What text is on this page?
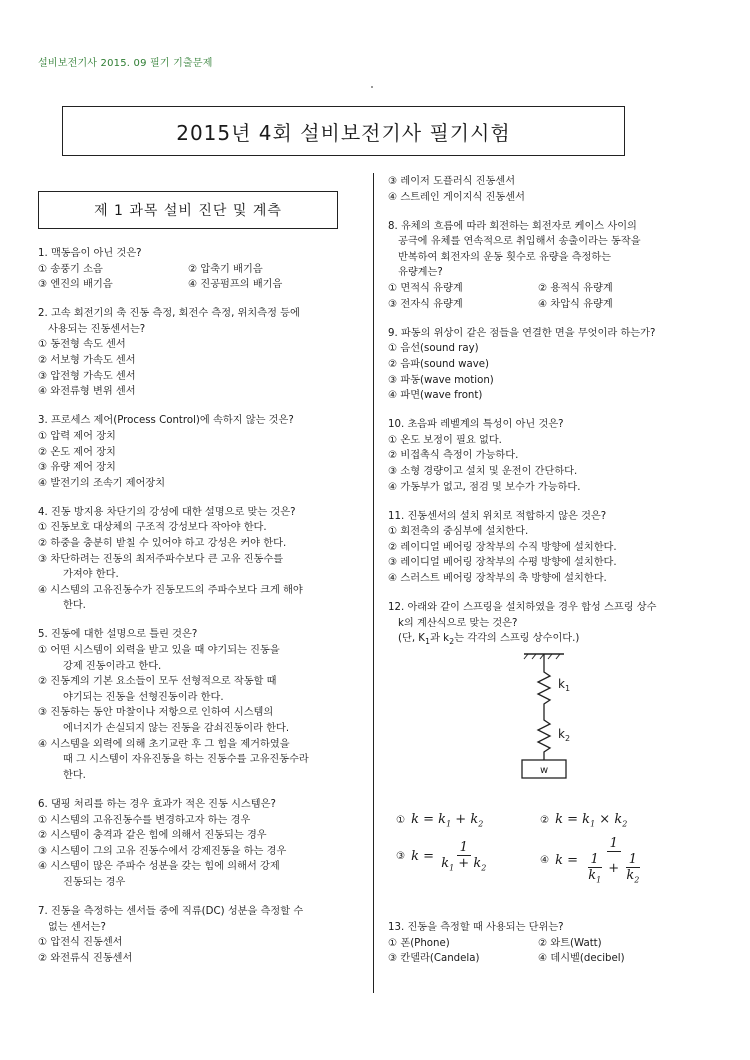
설비보전기사 2015. 09 필기 기출문제
2015년 4회 설비보전기사 필기시험
제 1 과목 설비 진단 및 계측

1. 맥동음이 아닌 것은?

① 송풍기 소음	② 압축기 배기음
③ 엔진의 배기음	④ 진공펌프의 배기음

2. 고속 회전기의 축 진동 측정, 회전수 측정, 위치측정 등에

사용되는 진동센서는?

① 동전형 속도 센서

② 서보형 가속도 센서

③ 압전형 가속도 센서

④ 와전류형 변위 센서

3. 프로세스 제어(Process Control)에 속하지 않는 것은?

① 압력 제어 장치

② 온도 제어 장치

③ 유량 제어 장치

④ 발전기의 조속기 제어장치

4. 진동 방지용 차단기의 강성에 대한 설명으로 맞는 것은?

① 진동보호 대상체의 구조적 강성보다 작아야 한다.

② 하중을 충분히 받칠 수 있어야 하고 강성은 커야 한다.

③ 차단하려는 진동의 최저주파수보다 큰 고유 진동수를

가져야 한다.

④ 시스템의 고유진동수가 진동모드의 주파수보다 크게 해야

한다.

5. 진동에 대한 설명으로 틀린 것은?

① 어떤 시스템이 외력을 받고 있을 때 야기되는 진동을

강제 진동이라고 한다.

② 진동계의 기본 요소들이 모두 선형적으로 작동할 때

야기되는 진동을 선형진동이라 한다.

③ 진동하는 동안 마찰이나 저항으로 인하여 시스템의

에너지가 손실되지 않는 진동을 감쇠진동이라 한다.

④ 시스템을 외력에 의해 초기교란 후 그 힘을 제거하였을

때 그 시스템이 자유진동을 하는 진동수를 고유진동수라

한다.

6. 댐핑 처리를 하는 경우 효과가 적은 진동 시스템은?

① 시스템의 고유진동수를 변경하고자 하는 경우

② 시스템이 충격과 같은 힘에 의해서 진동되는 경우

③ 시스템이 그의 고유 진동수에서 강제진동을 하는 경우

④ 시스템이 많은 주파수 성분을 갖는 힘에 의해서 강제

진동되는 경우

7. 진동을 측정하는 센서들 중에 직류(DC) 성분을 측정할 수

없는 센서는?

① 압전식 진동센서

② 와전류식 진동센서

③ 레이저 도플러식 진동센서

④ 스트레인 게이지식 진동센서

8. 유체의 흐름에 따라 회전하는 회전자로 케이스 사이의

공극에 유체를 연속적으로 취입해서 송출이라는 동작을

반복하여 회전자의 운동 횟수로 유량을 측정하는

유량계는?

① 면적식 유량계	② 용적식 유량계
③ 전자식 유량계	④ 차압식 유량계

9. 파동의 위상이 같은 점들을 연결한 면을 무엇이라 하는가?

① 음선(sound ray)

② 음파(sound wave)

③ 파동(wave motion)

④ 파면(wave front)

10. 초음파 레벨계의 특성이 아닌 것은?

① 온도 보정이 필요 없다.

② 비접촉식 측정이 가능하다.

③ 소형 경량이고 설치 및 운전이 간단하다.

④ 가동부가 없고, 점검 및 보수가 가능하다.

11. 진동센서의 설치 위치로 적합하지 않은 것은?

① 회전축의 중심부에 설치한다.

② 레이디얼 베어링 장착부의 수직 방향에 설치한다.

③ 레이디얼 베어링 장착부의 수평 방향에 설치한다.

④ 스러스트 베어링 장착부의 축 방향에 설치한다.

12. 아래와 같이 스프링을 설치하였을 경우 합성 스프링 상수

k의 계산식으로 맞는 것은?

(단, $K_1$과 $k_2$는 각각의 스프링 상수이다.)

$k_1$
$k_2$
w
① $k = k_1 + k_2$	② $k = k_1 \times k_2$
③ $k = \frac{1}{k_1 + k_2}$	④ $k = \frac{1}{\frac{1}{k_1} + \frac{1}{k_2}}$

13. 진동을 측정할 때 사용되는 단위는?

① 폰(Phone)	② 와트(Watt)
③ 칸델라(Candela)	④ 데시벨(decibel)
